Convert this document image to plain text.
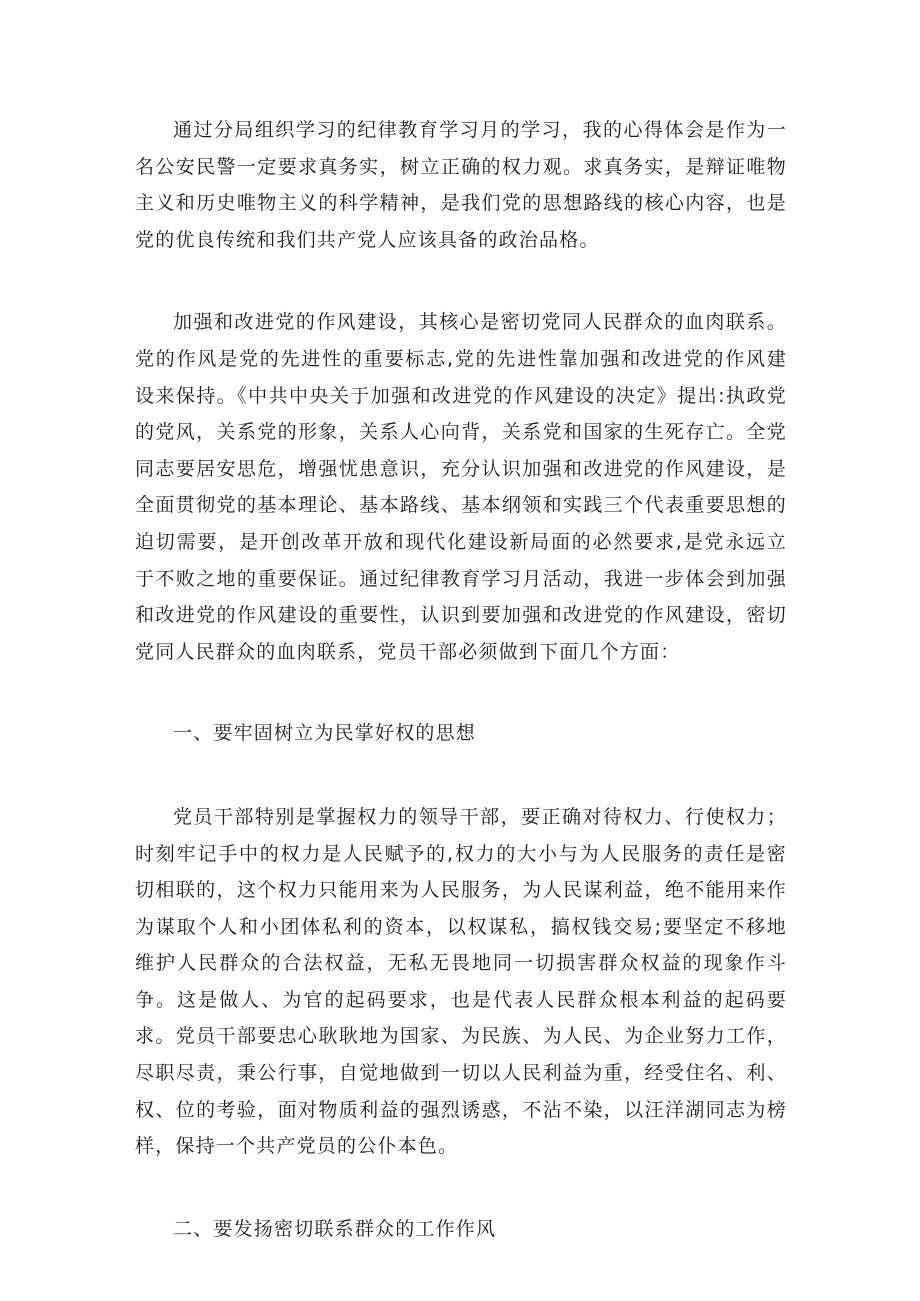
通过分局组织学习的纪律教育学习月的学习，我的心得体会是作为一名公安民警一定要求真务实，树立正确的权力观。求真务实，是辩证唯物主义和历史唯物主义的科学精神，是我们党的思想路线的核心内容，也是党的优良传统和我们共产党人应该具备的政治品格。

加强和改进党的作风建设，其核心是密切党同人民群众的血肉联系。党的作风是党的先进性的重要标志,党的先进性靠加强和改进党的作风建设来保持。《中共中央关于加强和改进党的作风建设的决定》提出:执政党的党风，关系党的形象，关系人心向背，关系党和国家的生死存亡。全党同志要居安思危，增强忧患意识，充分认识加强和改进党的作风建设，是全面贯彻党的基本理论、基本路线、基本纲领和实践三个代表重要思想的迫切需要，是开创改革开放和现代化建设新局面的必然要求,是党永远立于不败之地的重要保证。通过纪律教育学习月活动，我进一步体会到加强和改进党的作风建设的重要性，认识到要加强和改进党的作风建设，密切党同人民群众的血肉联系，党员干部必须做到下面几个方面：

一、要牢固树立为民掌好权的思想

党员干部特别是掌握权力的领导干部，要正确对待权力、行使权力；时刻牢记手中的权力是人民赋予的,权力的大小与为人民服务的责任是密切相联的，这个权力只能用来为人民服务，为人民谋利益，绝不能用来作为谋取个人和小团体私利的资本，以权谋私，搞权钱交易;要坚定不移地维护人民群众的合法权益，无私无畏地同一切损害群众权益的现象作斗争。这是做人、为官的起码要求，也是代表人民群众根本利益的起码要求。党员干部要忠心耿耿地为国家、为民族、为人民、为企业努力工作，尽职尽责，秉公行事，自觉地做到一切以人民利益为重，经受住名、利、权、位的考验，面对物质利益的强烈诱惑，不沾不染，以汪洋湖同志为榜样，保持一个共产党员的公仆本色。

二、要发扬密切联系群众的工作作风
